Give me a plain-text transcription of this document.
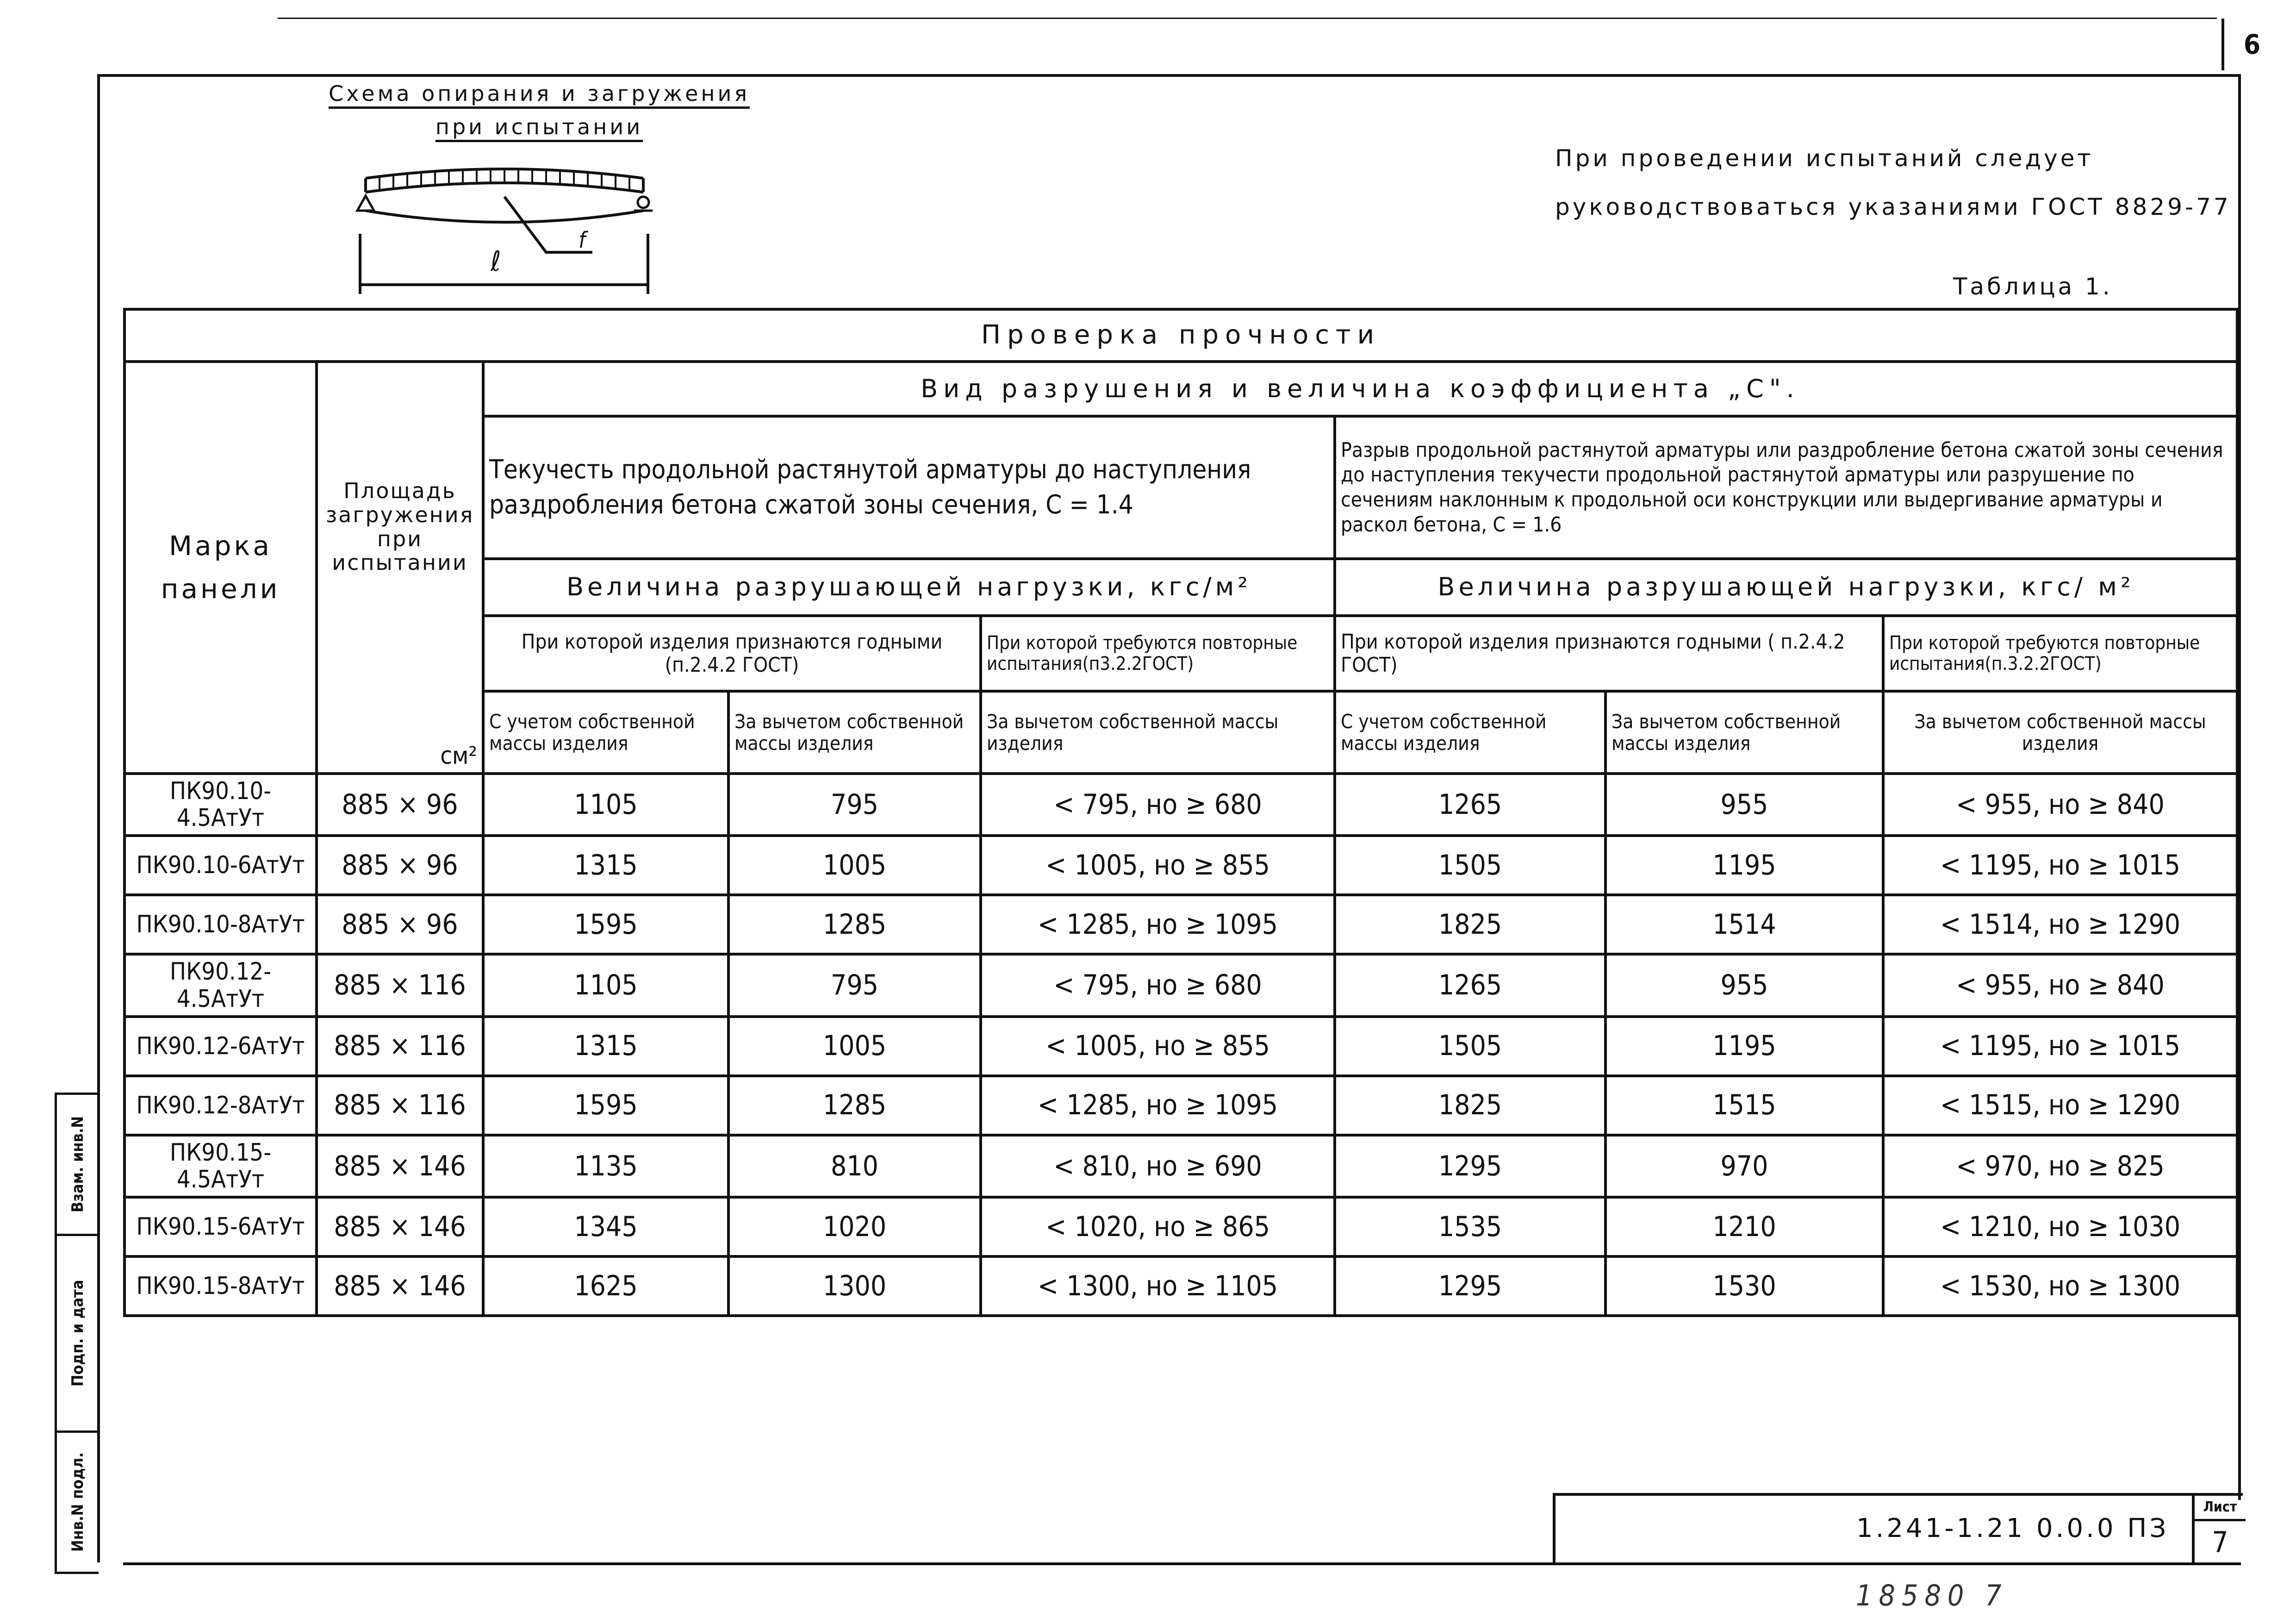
6
Схема опирания и загружения
при испытании
ℓ
f
При проведении испытаний следует
руководствоваться указаниями ГОСТ 8829-77
Таблица 1.
Проверка прочности							
Марка панели	Площадь загружения при испытании	Вид разрушения и величина коэффициента „С".					
		Текучесть продольной растянутой арматуры до наступления раздробления бетона сжатой зоны сечения, С = 1.4			Разрыв продольной растянутой арматуры или раздробление бетона сжатой зоны сечения до наступления текучести продольной растянутой арматуры или разрушение по сечениям наклонным к продольной оси конструкции или выдергивание арматуры и раскол бетона, С = 1.6		
		Величина разрушающей нагрузки, кгс/м²			Величина разрушающей нагрузки, кгс/ м²		
		При которой изделия признаются годными (п.2.4.2 ГОСТ)		При которой требуются повторные испытания(п3.2.2ГОСТ)	При которой изделия признаются годными ( п.2.4.2 ГОСТ)		При которой требуются повторные испытания(п.3.2.2ГОСТ)
	см²	С учетом собственной массы изделия	За вычетом собственной массы изделия	За вычетом собственной массы изделия	С учетом собственной массы изделия	За вычетом собственной массы изделия	За вычетом собственной массы изделия
ПК90.10-4.5АтУт	885 × 96	1105	795	< 795, но ≥ 680	1265	955	< 955, но ≥ 840
ПК90.10-6АтУт	885 × 96	1315	1005	< 1005, но ≥ 855	1505	1195	< 1195, но ≥ 1015
ПК90.10-8АтУт	885 × 96	1595	1285	< 1285, но ≥ 1095	1825	1514	< 1514, но ≥ 1290
ПК90.12-4.5АтУт	885 × 116	1105	795	< 795, но ≥ 680	1265	955	< 955, но ≥ 840
ПК90.12-6АтУт	885 × 116	1315	1005	< 1005, но ≥ 855	1505	1195	< 1195, но ≥ 1015
ПК90.12-8АтУт	885 × 116	1595	1285	< 1285, но ≥ 1095	1825	1515	< 1515, но ≥ 1290
ПК90.15-4.5АтУт	885 × 146	1135	810	< 810, но ≥ 690	1295	970	< 970, но ≥ 825
ПК90.15-6АтУт	885 × 146	1345	1020	< 1020, но ≥ 865	1535	1210	< 1210, но ≥ 1030
ПК90.15-8АтУт	885 × 146	1625	1300	< 1300, но ≥ 1105	1295	1530	< 1530, но ≥ 1300
Взам. инв.N
Подп. и дата
Инв.N подл.	1.241-1.21 0.0.0 ПЗ
Лист
7
18580 7
